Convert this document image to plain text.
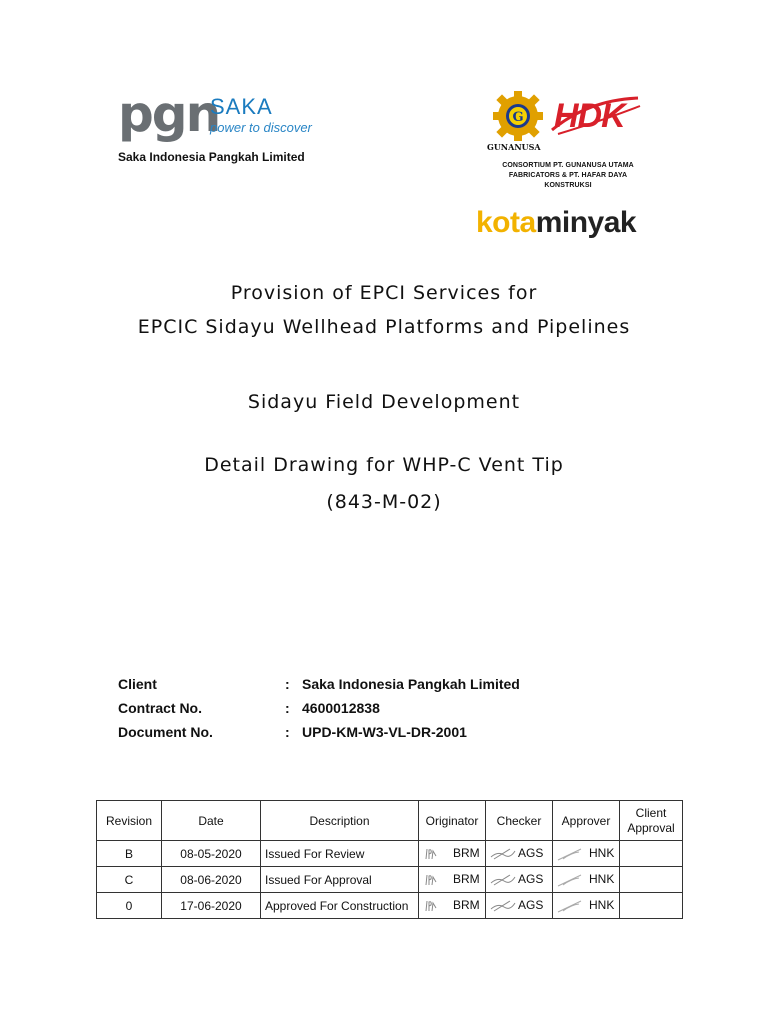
pgn
SAKA
power to discover
Saka Indonesia Pangkah Limited
G
GUNANUSA
HDK
CONSORTIUM PT. GUNANUSA UTAMA
FABRICATORS & PT. HAFAR DAYA
KONSTRUKSI
kotaminyak
Provision of EPCI Services for
EPCIC Sidayu Wellhead Platforms and Pipelines
Sidayu Field Development
Detail Drawing for WHP-C Vent Tip
(843-M-02)
Client	: Saka Indonesia Pangkah Limited
Contract No.	: 4600012838
Document No.	: UPD-KM-W3-VL-DR-2001
Revision	Date	Description	Originator	Checker	Approver	Client Approval
B	08-05-2020	Issued For Review	BRM	AGS	HNK	
C	08-06-2020	Issued For Approval	BRM	AGS	HNK	
0	17-06-2020	Approved For Construction	BRM	AGS	HNK	
